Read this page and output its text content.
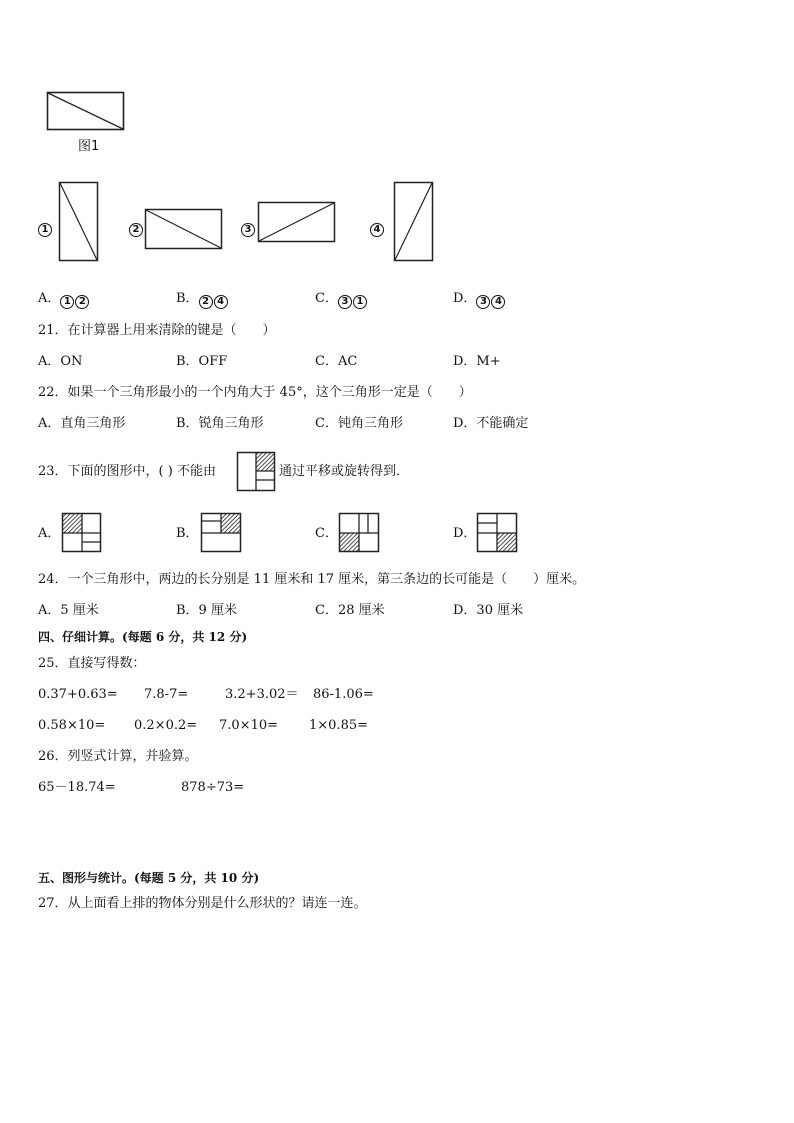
图1
1	2	3	4
A． 1 2	B． 2 4	C． 3 1	D． 3 4
21．在计算器上用来清除的键是（　　）
A．ON	B．OFF	C．AC	D．M+
22．如果一个三角形最小的一个内角大于 45°，这个三角形一定是（　　）
A．直角三角形	B．锐角三角形	C．钝角三角形	D．不能确定
23．下面的图形中，( ) 不能由	通过平移或旋转得到．
A．	B．	C．	D．
24．一个三角形中，两边的长分别是 11 厘米和 17 厘米，第三条边的长可能是（　　）厘米。
A．5 厘米	B．9 厘米	C．28 厘米	D．30 厘米
四、仔细计算。(每题 6 分，共 12 分)
25．直接写得数：
0.37+0.63= 7.8-7=	3.2+3.02＝ 86-1.06=
0.58×10= 0.2×0.2= 7.0×10= 1×0.85=
26．列竖式计算，并验算。
65－18.74=	878÷73=
五、图形与统计。(每题 5 分，共 10 分)
27．从上面看上排的物体分别是什么形状的？请连一连。
